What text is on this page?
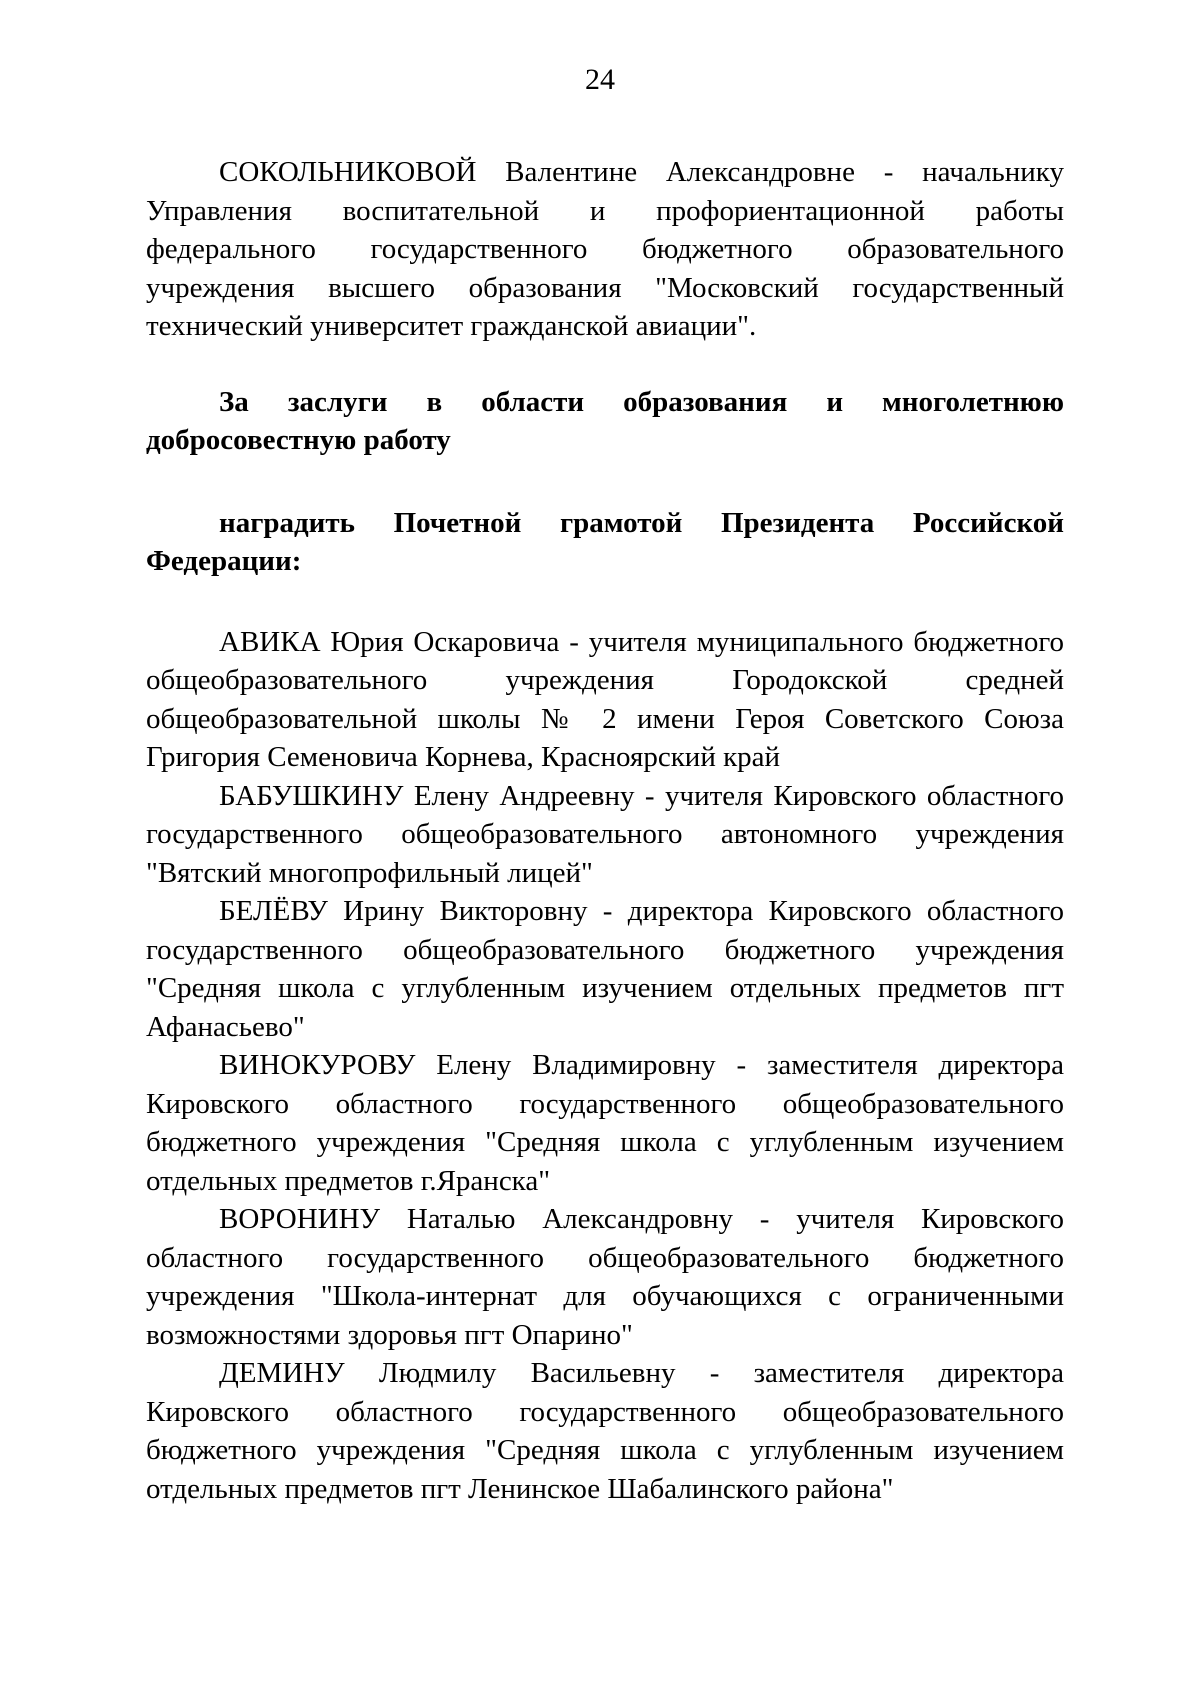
24

СОКОЛЬНИКОВОЙ Валентине Александровне - начальнику Управления воспитательной и профориентационной работы федерального государственного бюджетного образовательного учреждения высшего образования "Московский государственный технический университет гражданской авиации".

За заслуги в области образования и многолетнюю добросовестную работу

наградить Почетной грамотой Президента Российской Федерации:

АВИКА Юрия Оскаровича - учителя муниципального бюджетного общеобразовательного учреждения Городокской средней общеобразовательной школы № 2 имени Героя Советского Союза Григория Семеновича Корнева, Красноярский край

БАБУШКИНУ Елену Андреевну - учителя Кировского областного государственного общеобразовательного автономного учреждения "Вятский многопрофильный лицей"

БЕЛЁВУ Ирину Викторовну - директора Кировского областного государственного общеобразовательного бюджетного учреждения "Средняя школа с углубленным изучением отдельных предметов пгт Афанасьево"

ВИНОКУРОВУ Елену Владимировну - заместителя директора Кировского областного государственного общеобразовательного бюджетного учреждения "Средняя школа с углубленным изучением отдельных предметов г.Яранска"

ВОРОНИНУ Наталью Александровну - учителя Кировского областного государственного общеобразовательного бюджетного учреждения "Школа-интернат для обучающихся с ограниченными возможностями здоровья пгт Опарино"

ДЕМИНУ Людмилу Васильевну - заместителя директора Кировского областного государственного общеобразовательного бюджетного учреждения "Средняя школа с углубленным изучением отдельных предметов пгт Ленинское Шабалинского района"
